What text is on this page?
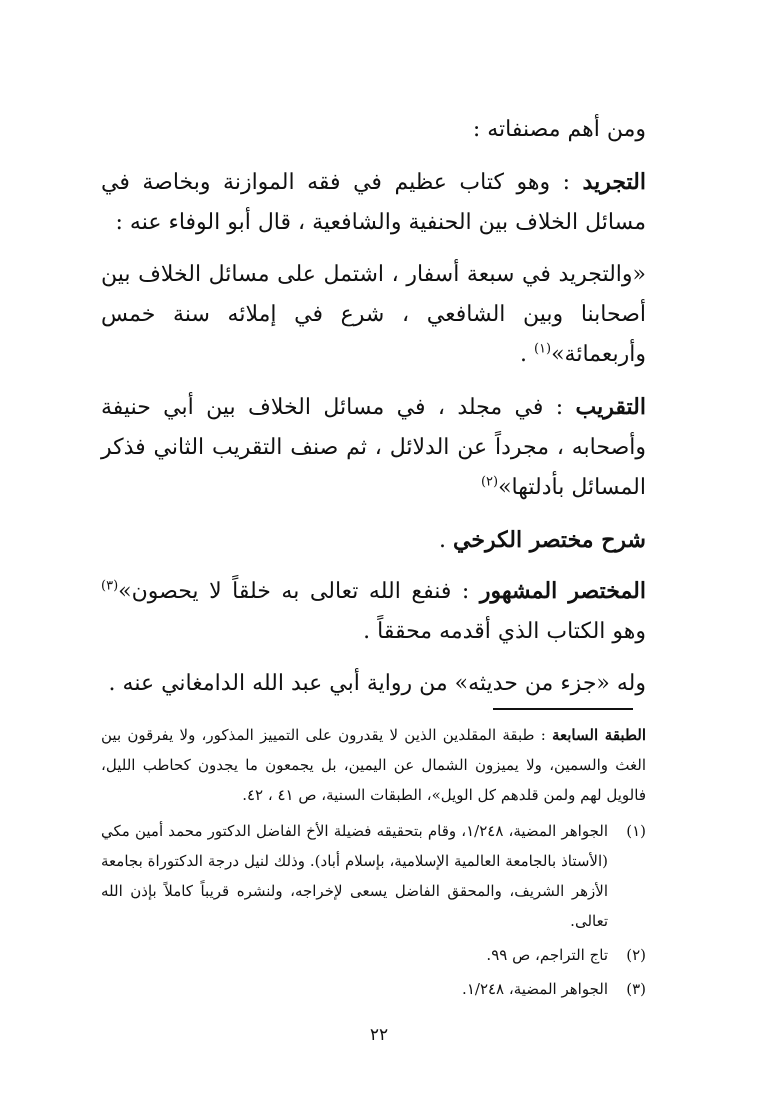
ومن أهم مصنفاته :

التجريد : وهو كتاب عظيم في فقه الموازنة وبخاصة في مسائل الخلاف بين الحنفية والشافعية ، قال أبو الوفاء عنه :

«والتجريد في سبعة أسفار ، اشتمل على مسائل الخلاف بين أصحابنا وبين الشافعي ، شرع في إملائه سنة خمس وأربعمائة»$^{(١)}$ .

التقريب : في مجلد ، في مسائل الخلاف بين أبي حنيفة وأصحابه ، مجرداً عن الدلائل ، ثم صنف التقريب الثاني فذكر المسائل بأدلتها»$^{(٢)}$

شرح مختصر الكرخي .

المختصر المشهور : فنفع الله تعالى به خلقاً لا يحصون»$^{(٣)}$ وهو الكتاب الذي أقدمه محققاً .

وله «جزء من حديثه» من رواية أبي عبد الله الدامغاني عنه .

الطبقة السابعة : طبقة المقلدين الذين لا يقدرون على التمييز المذكور، ولا يفرقون بين الغث والسمين، ولا يميزون الشمال عن اليمين، بل يجمعون ما يجدون كحاطب الليل، فالويل لهم ولمن قلدهم كل الويل»، الطبقات السنية، ص ٤١ ، ٤٢.

(١)
الجواهر المضية، ١/٢٤٨، وقام بتحقيقه فضيلة الأخ الفاضل الدكتور محمد أمين مكي (الأستاذ بالجامعة العالمية الإسلامية، بإسلام أباد). وذلك لنيل درجة الدكتوراة بجامعة الأزهر الشريف، والمحقق الفاضل يسعى لإخراجه، ولنشره قريباً كاملاً بإذن الله تعالى.
(٢)
تاج التراجم، ص ٩٩.
(٣)
الجواهر المضية، ١/٢٤٨.
٢٢
